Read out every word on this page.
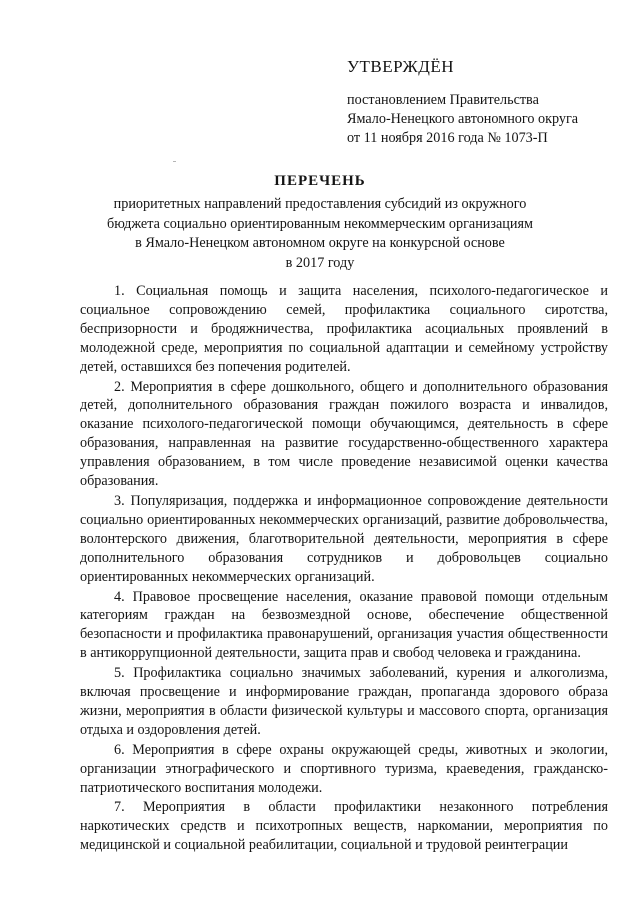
УТВЕРЖДЁН
постановлением Правительства
Ямало-Ненецкого автономного округа
от 11 ноября 2016 года № 1073-П
ПЕРЕЧЕНЬ
приоритетных направлений предоставления субсидий из окружного
бюджета социально ориентированным некоммерческим организациям
в Ямало-Ненецком автономном округе на конкурсной основе
в 2017 году

1. Социальная помощь и защита населения, психолого-педагогическое и социальное сопровождению семей, профилактика социального сиротства, беспризорности и бродяжничества, профилактика асоциальных проявлений в молодежной среде, мероприятия по социальной адаптации и семейному устройству детей, оставшихся без попечения родителей.

2. Мероприятия в сфере дошкольного, общего и дополнительного образования детей, дополнительного образования граждан пожилого возраста и инвалидов, оказание психолого-педагогической помощи обучающимся, деятельность в сфере образования, направленная на развитие государственно-общественного характера управления образованием, в том числе проведение независимой оценки качества образования.

3. Популяризация, поддержка и информационное сопровождение деятельности социально ориентированных некоммерческих организаций, развитие добровольчества, волонтерского движения, благотворительной деятельности, мероприятия в сфере дополнительного образования сотрудников и добровольцев социально ориентированных некоммерческих организаций.

4. Правовое просвещение населения, оказание правовой помощи отдельным категориям граждан на безвозмездной основе, обеспечение общественной безопасности и профилактика правонарушений, организация участия общественности в антикоррупционной деятельности, защита прав и свобод человека и гражданина.

5. Профилактика социально значимых заболеваний, курения и алкоголизма, включая просвещение и информирование граждан, пропаганда здорового образа жизни, мероприятия в области физической культуры и массового спорта, организация отдыха и оздоровления детей.

6. Мероприятия в сфере охраны окружающей среды, животных и экологии, организации этнографического и спортивного туризма, краеведения, гражданско-патриотического воспитания молодежи.

7. Мероприятия в области профилактики незаконного потребления наркотических средств и психотропных веществ, наркомании, мероприятия по медицинской и социальной реабилитации, социальной и трудовой реинтеграции
